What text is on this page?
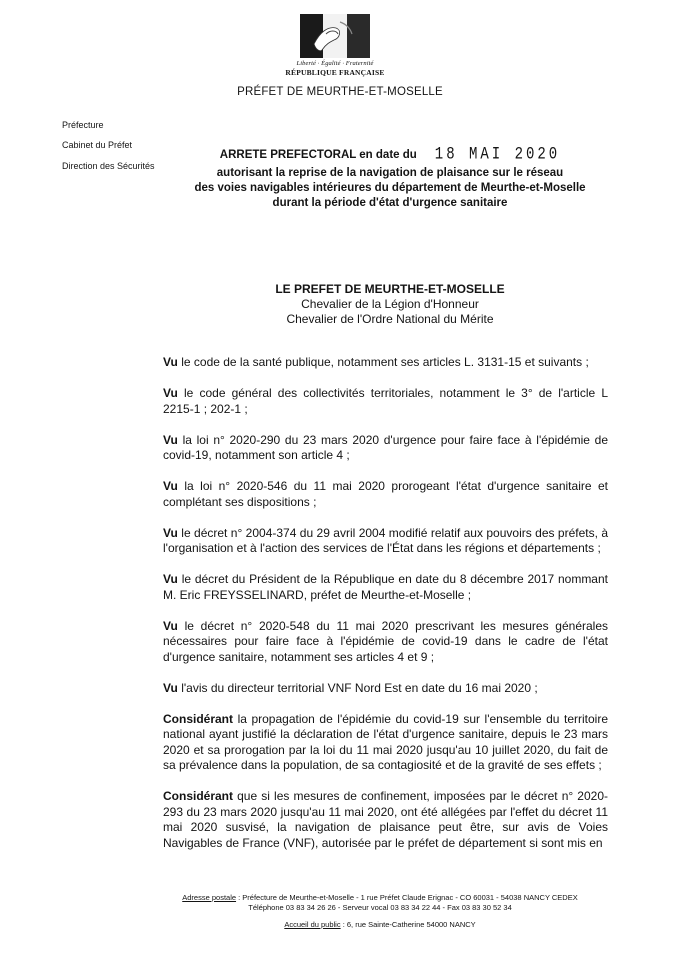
Liberté · Égalité · Fraternité
RÉPUBLIQUE FRANÇAISE
PRÉFET DE MEURTHE-ET-MOSELLE
Préfecture
Cabinet du Préfet
Direction des Sécurités
ARRETE PREFECTORAL en date du 18 MAI 2020
autorisant la reprise de la navigation de plaisance sur le réseau
des voies navigables intérieures du département de Meurthe-et-Moselle
durant la période d'état d'urgence sanitaire
LE PREFET DE MEURTHE-ET-MOSELLE
Chevalier de la Légion d'Honneur
Chevalier de l'Ordre National du Mérite

Vu le code de la santé publique, notamment ses articles L. 3131-15 et suivants ;

Vu le code général des collectivités territoriales, notamment le 3° de l'article L 2215-1 ; 202-1 ;

Vu la loi n° 2020-290 du 23 mars 2020 d'urgence pour faire face à l'épidémie de covid-19, notamment son article 4 ;

Vu la loi n° 2020-546 du 11 mai 2020 prorogeant l'état d'urgence sanitaire et complétant ses dispositions ;

Vu le décret n° 2004-374 du 29 avril 2004 modifié relatif aux pouvoirs des préfets, à l'organisation et à l'action des services de l'État dans les régions et départements ;

Vu le décret du Président de la République en date du 8 décembre 2017 nommant M. Eric FREYSSELINARD, préfet de Meurthe-et-Moselle ;

Vu le décret n° 2020-548 du 11 mai 2020 prescrivant les mesures générales nécessaires pour faire face à l'épidémie de covid-19 dans le cadre de l'état d'urgence sanitaire, notamment ses articles 4 et 9 ;

Vu l'avis du directeur territorial VNF Nord Est en date du 16 mai 2020 ;

Considérant la propagation de l'épidémie du covid-19 sur l'ensemble du territoire national ayant justifié la déclaration de l'état d'urgence sanitaire, depuis le 23 mars 2020 et sa prorogation par la loi du 11 mai 2020 jusqu'au 10 juillet 2020, du fait de sa prévalence dans la population, de sa contagiosité et de la gravité de ses effets ;

Considérant que si les mesures de confinement, imposées par le décret n° 2020-293 du 23 mars 2020 jusqu'au 11 mai 2020, ont été allégées par l'effet du décret 11 mai 2020 susvisé, la navigation de plaisance peut être, sur avis de Voies Navigables de France (VNF), autorisée par le préfet de département si sont mis en

Adresse postale : Préfecture de Meurthe-et-Moselle - 1 rue Préfet Claude Erignac - CO 60031 - 54038 NANCY CEDEX
Téléphone 03 83 34 26 26 - Serveur vocal 03 83 34 22 44 - Fax 03 83 30 52 34
Accueil du public : 6, rue Sainte-Catherine 54000 NANCY
